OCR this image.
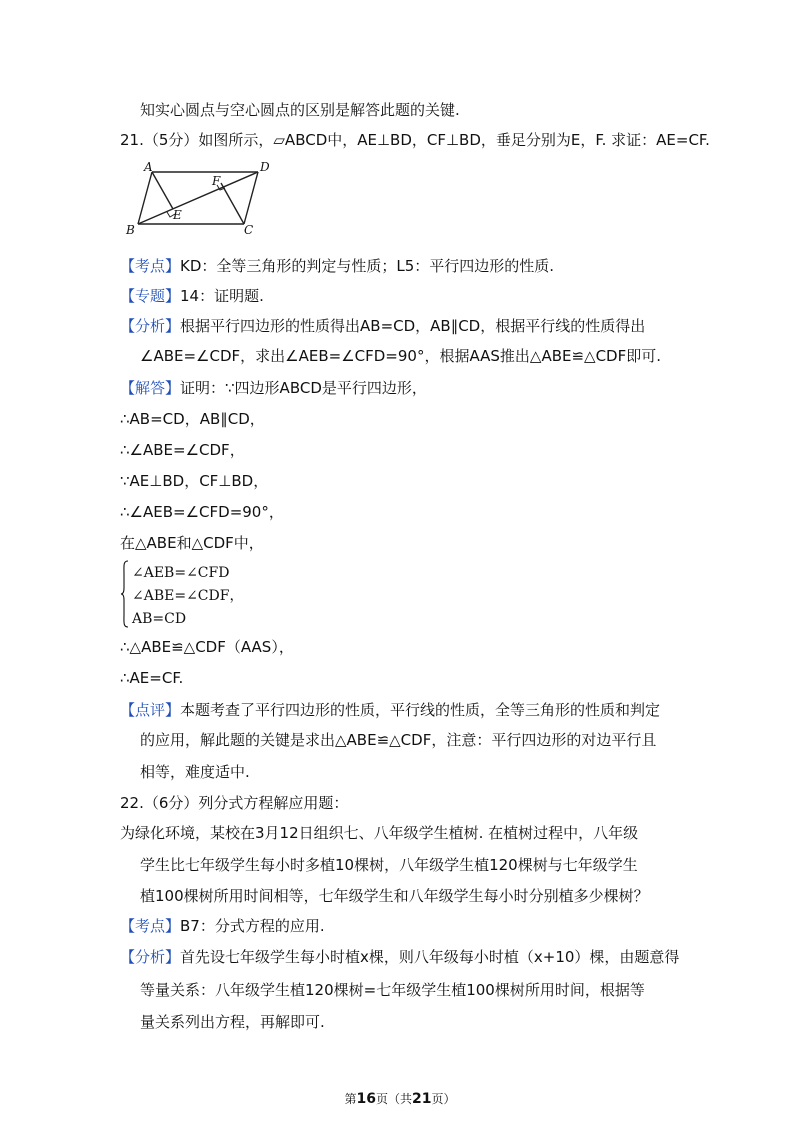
知实心圆点与空心圆点的区别是解答此题的关键.
21.（5分）如图所示，▱ABCD中，AE⊥BD，CF⊥BD，垂足分别为E，F. 求证：AE=CF.
A	D
B	C
E
F
【考点】KD：全等三角形的判定与性质；L5：平行四边形的性质.
【专题】14：证明题.
【分析】根据平行四边形的性质得出AB=CD，AB∥CD，根据平行线的性质得出
∠ABE=∠CDF，求出∠AEB=∠CFD=90°，根据AAS推出△ABE≌△CDF即可.
【解答】证明：∵四边形ABCD是平行四边形，
∴AB=CD，AB∥CD，
∴∠ABE=∠CDF，
∵AE⊥BD，CF⊥BD，
∴∠AEB=∠CFD=90°，
在△ABE和△CDF中，
∠AEB=∠CFD
∠ABE=∠CDF，
AB=CD
∴△ABE≌△CDF（AAS），
∴AE=CF.
【点评】本题考查了平行四边形的性质，平行线的性质，全等三角形的性质和判定
的应用，解此题的关键是求出△ABE≌△CDF，注意：平行四边形的对边平行且
相等，难度适中.
22.（6分）列分式方程解应用题：
为绿化环境，某校在3月12日组织七、八年级学生植树. 在植树过程中，八年级
学生比七年级学生每小时多植10棵树，八年级学生植120棵树与七年级学生
植100棵树所用时间相等，七年级学生和八年级学生每小时分别植多少棵树？
【考点】B7：分式方程的应用.
【分析】首先设七年级学生每小时植x棵，则八年级每小时植（x+10）棵，由题意得
等量关系：八年级学生植120棵树=七年级学生植100棵树所用时间，根据等
量关系列出方程，再解即可.
第16页（共21页）
